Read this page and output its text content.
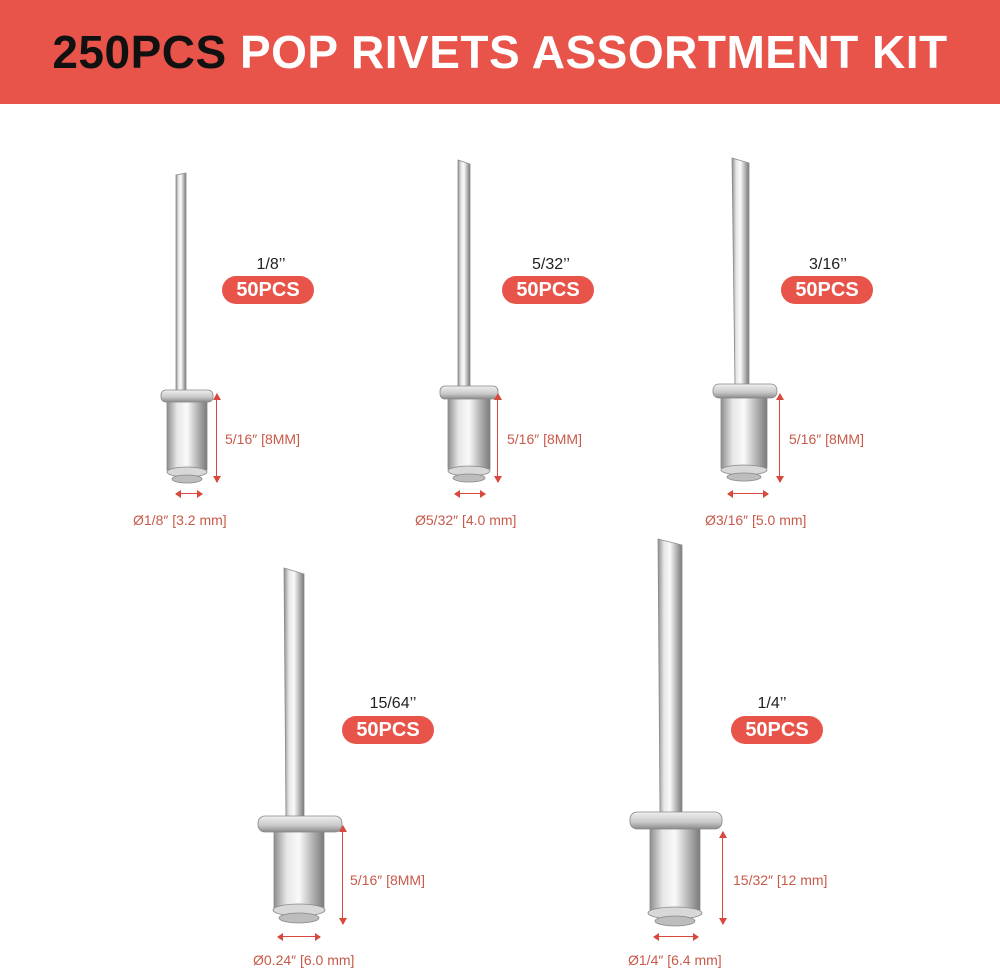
250PCS POP RIVETS ASSORTMENT KIT
1/8’’
50PCS
5/16″ [8MM]
Ø1/8″ [3.2 mm]
5/32’’
50PCS
5/16″ [8MM]
Ø5/32″ [4.0 mm]
3/16’’
50PCS
5/16″ [8MM]
Ø3/16″ [5.0 mm]
15/64’’
50PCS
5/16″ [8MM]
Ø0.24″ [6.0 mm]
1/4’’
50PCS
15/32″ [12 mm]
Ø1/4″ [6.4 mm]
